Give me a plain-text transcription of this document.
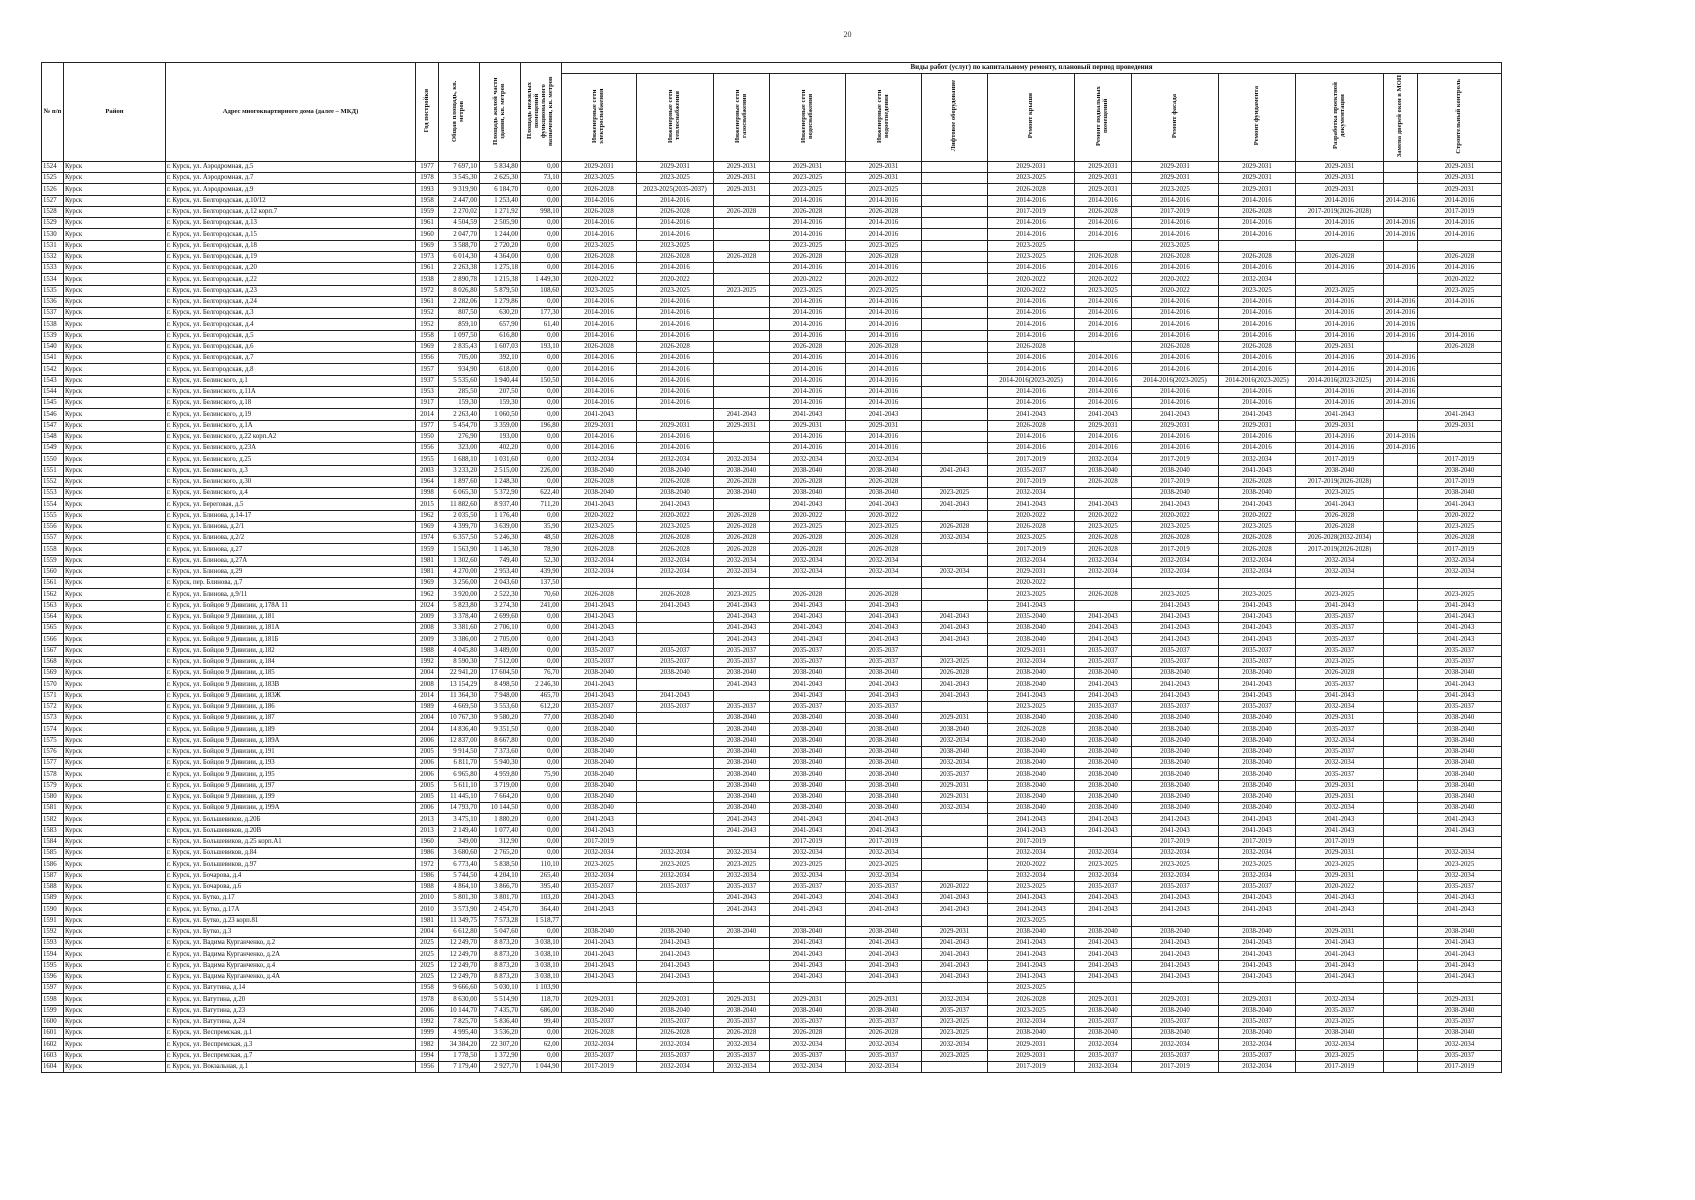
20
№ п/п	Район	Адрес многоквартирного дома (далее – МКД)	Год постройки	Общая площадь, кв. метров	Площадь жилой части здания, кв. метров	Площадь нежилых помещений функционального назначения, кв. метров	Виды работ (услуг) по капитальному ремонту, плановый период проведения												
							Инженерные сети электроснабжения	Инженерные сети теплоснабжения	Инженерные сети газоснабжения	Инженерные сети водоснабжения	Инженерные сети водоотведения	Лифтовое оборудование	Ремонт крыши	Ремонт подвальных помещений	Ремонт фасада	Ремонт фундамента	Разработка проектной документации	Замена дверей окон в МОП	Строительный контроль
1524	Курск	г. Курск, ул. Аэродромная, д.5	1977	7 697,10	5 834,80	0,00	2029-2031	2029-2031	2029-2031	2029-2031	2029-2031		2029-2031	2029-2031	2029-2031	2029-2031	2029-2031		2029-2031
1525	Курск	г. Курск, ул. Аэродромная, д.7	1978	3 545,30	2 625,30	73,10	2023-2025	2023-2025	2029-2031	2023-2025	2029-2031		2023-2025	2029-2031	2029-2031	2029-2031	2029-2031		2029-2031
1526	Курск	г. Курск, ул. Аэродромная, д.9	1993	9 319,90	6 184,70	0,00	2026-2028	2023-2025(2035-2037)	2029-2031	2023-2025	2023-2025		2026-2028	2029-2031	2023-2025	2029-2031	2029-2031		2029-2031
1527	Курск	г. Курск, ул. Белгородская, д.10/12	1958	2 447,00	1 253,40	0,00	2014-2016	2014-2016		2014-2016	2014-2016		2014-2016	2014-2016	2014-2016	2014-2016	2014-2016	2014-2016	2014-2016
1528	Курск	г. Курск, ул. Белгородская, д.12 корп.7	1959	2 270,02	1 271,92	998,10	2026-2028	2026-2028	2026-2028	2026-2028	2026-2028		2017-2019	2026-2028	2017-2019	2026-2028	2017-2019(2026-2028)		2017-2019
1529	Курск	г. Курск, ул. Белгородская, д.13	1961	4 504,59	2 505,90	0,00	2014-2016	2014-2016		2014-2016	2014-2016		2014-2016	2014-2016	2014-2016	2014-2016	2014-2016	2014-2016	2014-2016
1530	Курск	г. Курск, ул. Белгородская, д.15	1960	2 047,70	1 244,00	0,00	2014-2016	2014-2016		2014-2016	2014-2016		2014-2016	2014-2016	2014-2016	2014-2016	2014-2016	2014-2016	2014-2016
1531	Курск	г. Курск, ул. Белгородская, д.18	1969	3 588,70	2 720,20	0,00	2023-2025	2023-2025		2023-2025	2023-2025		2023-2025		2023-2025				
1532	Курск	г. Курск, ул. Белгородская, д.19	1973	6 014,30	4 364,00	0,00	2026-2028	2026-2028	2026-2028	2026-2028	2026-2028		2023-2025	2026-2028	2026-2028	2026-2028	2026-2028		2026-2028
1533	Курск	г. Курск, ул. Белгородская, д.20	1961	2 263,38	1 275,18	0,00	2014-2016	2014-2016		2014-2016	2014-2016		2014-2016	2014-2016	2014-2016	2014-2016	2014-2016	2014-2016	2014-2016
1534	Курск	г. Курск, ул. Белгородская, д.22	1938	2 890,78	1 215,38	1 449,30	2020-2022	2020-2022		2020-2022	2020-2022		2020-2022	2020-2022	2020-2022	2032-2034			2020-2022
1535	Курск	г. Курск, ул. Белгородская, д.23	1972	8 026,80	5 879,50	108,60	2023-2025	2023-2025	2023-2025	2023-2025	2023-2025		2020-2022	2023-2025	2020-2022	2023-2025	2023-2025		2023-2025
1536	Курск	г. Курск, ул. Белгородская, д.24	1961	2 282,06	1 279,86	0,00	2014-2016	2014-2016		2014-2016	2014-2016		2014-2016	2014-2016	2014-2016	2014-2016	2014-2016	2014-2016	2014-2016
1537	Курск	г. Курск, ул. Белгородская, д.3	1952	807,50	630,20	177,30	2014-2016	2014-2016		2014-2016	2014-2016		2014-2016	2014-2016	2014-2016	2014-2016	2014-2016	2014-2016	
1538	Курск	г. Курск, ул. Белгородская, д.4	1952	859,10	657,90	61,40	2014-2016	2014-2016		2014-2016	2014-2016		2014-2016	2014-2016	2014-2016	2014-2016	2014-2016	2014-2016	
1539	Курск	г. Курск, ул. Белгородская, д.5	1958	1 097,50	616,80	0,00	2014-2016	2014-2016		2014-2016	2014-2016		2014-2016	2014-2016	2014-2016	2014-2016	2014-2016	2014-2016	2014-2016
1540	Курск	г. Курск, ул. Белгородская, д.6	1969	2 835,43	1 607,03	193,10	2026-2028	2026-2028		2026-2028	2026-2028		2026-2028		2026-2028	2026-2028	2029-2031		2026-2028
1541	Курск	г. Курск, ул. Белгородская, д.7	1956	705,00	392,10	0,00	2014-2016	2014-2016		2014-2016	2014-2016		2014-2016	2014-2016	2014-2016	2014-2016	2014-2016	2014-2016	
1542	Курск	г. Курск, ул. Белгородская, д.8	1957	934,90	618,00	0,00	2014-2016	2014-2016		2014-2016	2014-2016		2014-2016	2014-2016	2014-2016	2014-2016	2014-2016	2014-2016	
1543	Курск	г. Курск, ул. Белинского, д.1	1937	5 535,60	1 940,44	150,50	2014-2016	2014-2016		2014-2016	2014-2016		2014-2016(2023-2025)	2014-2016	2014-2016(2023-2025)	2014-2016(2023-2025)	2014-2016(2023-2025)	2014-2016	
1544	Курск	г. Курск, ул. Белинского, д.11А	1953	285,50	207,50	0,00	2014-2016	2014-2016		2014-2016	2014-2016		2014-2016	2014-2016	2014-2016	2014-2016	2014-2016	2014-2016	
1545	Курск	г. Курск, ул. Белинского, д.18	1917	159,30	159,30	0,00	2014-2016	2014-2016		2014-2016	2014-2016		2014-2016	2014-2016	2014-2016	2014-2016	2014-2016	2014-2016	
1546	Курск	г. Курск, ул. Белинского, д.19	2014	2 263,40	1 060,50	0,00	2041-2043		2041-2043	2041-2043	2041-2043		2041-2043	2041-2043	2041-2043	2041-2043	2041-2043		2041-2043
1547	Курск	г. Курск, ул. Белинского, д.1А	1977	5 454,70	3 359,00	196,80	2029-2031	2029-2031	2029-2031	2029-2031	2029-2031		2026-2028	2029-2031	2029-2031	2029-2031	2029-2031		2029-2031
1548	Курск	г. Курск, ул. Белинского, д.22 корп.А2	1950	276,90	193,00	0,00	2014-2016	2014-2016		2014-2016	2014-2016		2014-2016	2014-2016	2014-2016	2014-2016	2014-2016	2014-2016	
1549	Курск	г. Курск, ул. Белинского, д.23А	1956	323,00	402,20	0,00	2014-2016	2014-2016		2014-2016	2014-2016		2014-2016	2014-2016	2014-2016	2014-2016	2014-2016	2014-2016	
1550	Курск	г. Курск, ул. Белинского, д.25	1955	1 688,10	1 031,60	0,00	2032-2034	2032-2034	2032-2034	2032-2034	2032-2034		2017-2019	2032-2034	2017-2019	2032-2034	2017-2019		2017-2019
1551	Курск	г. Курск, ул. Белинского, д.3	2003	3 233,20	2 515,00	226,00	2038-2040	2038-2040	2038-2040	2038-2040	2038-2040	2041-2043	2035-2037	2038-2040	2038-2040	2041-2043	2038-2040		2038-2040
1552	Курск	г. Курск, ул. Белинского, д.30	1964	1 897,60	1 248,30	0,00	2026-2028	2026-2028	2026-2028	2026-2028	2026-2028		2017-2019	2026-2028	2017-2019	2026-2028	2017-2019(2026-2028)		2017-2019
1553	Курск	г. Курск, ул. Белинского, д.4	1998	6 065,30	5 372,90	622,40	2038-2040	2038-2040	2038-2040	2038-2040	2038-2040	2023-2025	2032-2034		2038-2040	2038-2040	2023-2025		2038-2040
1554	Курск	г. Курск, ул. Береговая, д.5	2015	11 882,60	8 937,40	711,20	2041-2043	2041-2043		2041-2043	2041-2043	2041-2043	2041-2043	2041-2043	2041-2043	2041-2043	2041-2043		2041-2043
1555	Курск	г. Курск, ул. Блинова, д.14-17	1962	2 035,50	1 176,40	0,00	2020-2022	2020-2022	2026-2028	2020-2022	2020-2022		2020-2022	2020-2022	2020-2022	2020-2022	2026-2028		2020-2022
1556	Курск	г. Курск, ул. Блинова, д.2/1	1969	4 399,70	3 639,00	35,90	2023-2025	2023-2025	2026-2028	2023-2025	2023-2025	2026-2028	2026-2028	2023-2025	2023-2025	2023-2025	2026-2028		2023-2025
1557	Курск	г. Курск, ул. Блинова, д.2/2	1974	6 357,50	5 246,30	48,50	2026-2028	2026-2028	2026-2028	2026-2028	2026-2028	2032-2034	2023-2025	2026-2028	2026-2028	2026-2028	2026-2028(2032-2034)		2026-2028
1558	Курск	г. Курск, ул. Блинова, д.27	1959	1 563,90	1 146,30	78,90	2026-2028	2026-2028	2026-2028	2026-2028	2026-2028		2017-2019	2026-2028	2017-2019	2026-2028	2017-2019(2026-2028)		2017-2019
1559	Курск	г. Курск, ул. Блинова, д.27А	1981	1 302,60	749,40	52,30	2032-2034	2032-2034	2032-2034	2032-2034	2032-2034		2032-2034	2032-2034	2032-2034	2032-2034	2032-2034		2032-2034
1560	Курск	г. Курск, ул. Блинова, д.29	1981	4 270,00	2 953,40	439,90	2032-2034	2032-2034	2032-2034	2032-2034	2032-2034	2032-2034	2029-2031	2032-2034	2032-2034	2032-2034	2032-2034		2032-2034
1561	Курск	г. Курск, пер. Блинова, д.7	1969	3 256,00	2 043,60	137,50							2020-2022						
1562	Курск	г. Курск, ул. Блинова, д.9/11	1962	3 920,00	2 522,30	70,60	2026-2028	2026-2028	2023-2025	2026-2028	2026-2028		2023-2025	2026-2028	2023-2025	2023-2025	2023-2025		2023-2025
1563	Курск	г. Курск, ул. Бойцов 9 Дивизии, д.178А 11	2024	5 823,80	3 274,30	241,00	2041-2043	2041-2043	2041-2043	2041-2043	2041-2043		2041-2043		2041-2043	2041-2043	2041-2043		2041-2043
1564	Курск	г. Курск, ул. Бойцов 9 Дивизии, д.181	2009	3 378,40	2 699,60	0,00	2041-2043		2041-2043	2041-2043	2041-2043	2041-2043	2035-2040	2041-2043	2041-2043	2041-2043	2035-2037		2041-2043
1565	Курск	г. Курск, ул. Бойцов 9 Дивизии, д.181А	2008	3 381,60	2 706,10	0,00	2041-2043		2041-2043	2041-2043	2041-2043	2041-2043	2038-2040	2041-2043	2041-2043	2041-2043	2035-2037		2041-2043
1566	Курск	г. Курск, ул. Бойцов 9 Дивизии, д.181Б	2009	3 386,00	2 705,00	0,00	2041-2043		2041-2043	2041-2043	2041-2043	2041-2043	2038-2040	2041-2043	2041-2043	2041-2043	2035-2037		2041-2043
1567	Курск	г. Курск, ул. Бойцов 9 Дивизии, д.182	1988	4 045,80	3 489,00	0,00	2035-2037	2035-2037	2035-2037	2035-2037	2035-2037		2029-2031	2035-2037	2035-2037	2035-2037	2035-2037		2035-2037
1568	Курск	г. Курск, ул. Бойцов 9 Дивизии, д.184	1992	8 590,30	7 512,00	0,00	2035-2037	2035-2037	2035-2037	2035-2037	2035-2037	2023-2025	2032-2034	2035-2037	2035-2037	2035-2037	2023-2025		2035-2037
1569	Курск	г. Курск, ул. Бойцов 9 Дивизии, д.185	2004	22 941,20	17 604,50	76,70	2038-2040	2038-2040	2038-2040	2038-2040	2038-2040	2026-2028	2038-2040	2038-2040	2038-2040	2038-2040	2026-2028		2038-2040
1570	Курск	г. Курск, ул. Бойцов 9 Дивизии, д.183В	2008	13 154,29	8 498,50	2 246,30	2041-2043		2041-2043	2041-2043	2041-2043	2041-2043	2038-2040	2041-2043	2041-2043	2041-2043	2035-2037		2041-2043
1571	Курск	г. Курск, ул. Бойцов 9 Дивизии, д.183Ж	2014	11 364,30	7 948,00	465,70	2041-2043	2041-2043		2041-2043	2041-2043	2041-2043	2041-2043	2041-2043	2041-2043	2041-2043	2041-2043		2041-2043
1572	Курск	г. Курск, ул. Бойцов 9 Дивизии, д.186	1989	4 669,50	3 553,60	612,20	2035-2037	2035-2037	2035-2037	2035-2037	2035-2037		2023-2025	2035-2037	2035-2037	2035-2037	2032-2034		2035-2037
1573	Курск	г. Курск, ул. Бойцов 9 Дивизии, д.187	2004	10 767,30	9 580,20	77,00	2038-2040		2038-2040	2038-2040	2038-2040	2029-2031	2038-2040	2038-2040	2038-2040	2038-2040	2029-2031		2038-2040
1574	Курск	г. Курск, ул. Бойцов 9 Дивизии, д.189	2004	14 836,40	9 351,50	0,00	2038-2040		2038-2040	2038-2040	2038-2040	2038-2040	2026-2028	2038-2040	2038-2040	2038-2040	2035-2037		2038-2040
1575	Курск	г. Курск, ул. Бойцов 9 Дивизии, д.189А	2006	12 837,00	8 667,80	0,00	2038-2040		2038-2040	2038-2040	2038-2040	2032-2034	2038-2040	2038-2040	2038-2040	2038-2040	2032-2034		2038-2040
1576	Курск	г. Курск, ул. Бойцов 9 Дивизии, д.191	2005	9 914,50	7 373,60	0,00	2038-2040		2038-2040	2038-2040	2038-2040	2038-2040	2038-2040	2038-2040	2038-2040	2038-2040	2035-2037		2038-2040
1577	Курск	г. Курск, ул. Бойцов 9 Дивизии, д.193	2006	6 811,70	5 940,30	0,00	2038-2040		2038-2040	2038-2040	2038-2040	2032-2034	2038-2040	2038-2040	2038-2040	2038-2040	2032-2034		2038-2040
1578	Курск	г. Курск, ул. Бойцов 9 Дивизии, д.195	2006	6 965,80	4 959,80	75,90	2038-2040		2038-2040	2038-2040	2038-2040	2035-2037	2038-2040	2038-2040	2038-2040	2038-2040	2035-2037		2038-2040
1579	Курск	г. Курск, ул. Бойцов 9 Дивизии, д.197	2005	5 611,10	3 719,00	0,00	2038-2040		2038-2040	2038-2040	2038-2040	2029-2031	2038-2040	2038-2040	2038-2040	2038-2040	2029-2031		2038-2040
1580	Курск	г. Курск, ул. Бойцов 9 Дивизии, д.199	2005	11 445,10	7 664,20	0,00	2038-2040		2038-2040	2038-2040	2038-2040	2029-2031	2038-2040	2038-2040	2038-2040	2038-2040	2029-2031		2038-2040
1581	Курск	г. Курск, ул. Бойцов 9 Дивизии, д.199А	2006	14 793,70	10 144,50	0,00	2038-2040		2038-2040	2038-2040	2038-2040	2032-2034	2038-2040	2038-2040	2038-2040	2038-2040	2032-2034		2038-2040
1582	Курск	г. Курск, ул. Большевиков, д.20Б	2013	3 475,10	1 880,20	0,00	2041-2043		2041-2043	2041-2043	2041-2043		2041-2043	2041-2043	2041-2043	2041-2043	2041-2043		2041-2043
1583	Курск	г. Курск, ул. Большевиков, д.20В	2013	2 149,40	1 077,40	0,00	2041-2043		2041-2043	2041-2043	2041-2043		2041-2043	2041-2043	2041-2043	2041-2043	2041-2043		2041-2043
1584	Курск	г. Курск, ул. Большевиков, д.25 корп.А1	1960	349,00	312,90	0,00	2017-2019			2017-2019	2017-2019		2017-2019		2017-2019	2017-2019	2017-2019		
1585	Курск	г. Курск, ул. Большевиков, д.84	1986	3 680,60	2 765,20	0,00	2032-2034	2032-2034	2032-2034	2032-2034	2032-2034		2032-2034	2032-2034	2032-2034	2032-2034	2029-2031		2032-2034
1586	Курск	г. Курск, ул. Большевиков, д.97	1972	6 773,40	5 838,50	110,10	2023-2025	2023-2025	2023-2025	2023-2025	2023-2025		2020-2022	2023-2025	2023-2025	2023-2025	2023-2025		2023-2025
1587	Курск	г. Курск, ул. Бочарова, д.4	1986	5 744,50	4 204,10	265,40	2032-2034	2032-2034	2032-2034	2032-2034	2032-2034		2032-2034	2032-2034	2032-2034	2032-2034	2029-2031		2032-2034
1588	Курск	г. Курск, ул. Бочарова, д.6	1988	4 864,10	3 866,70	395,40	2035-2037	2035-2037	2035-2037	2035-2037	2035-2037	2020-2022	2023-2025	2035-2037	2035-2037	2035-2037	2020-2022		2035-2037
1589	Курск	г. Курск, ул. Бутко, д.17	2010	5 801,30	3 801,70	103,20	2041-2043		2041-2043	2041-2043	2041-2043	2041-2043	2041-2043	2041-2043	2041-2043	2041-2043	2041-2043		2041-2043
1590	Курск	г. Курск, ул. Бутко, д.17А	2010	3 573,90	2 454,70	364,40	2041-2043		2041-2043	2041-2043	2041-2043	2041-2043	2041-2043	2041-2043	2041-2043	2041-2043	2041-2043		2041-2043
1591	Курск	г. Курск, ул. Бутко, д.23 корп.81	1981	11 349,75	7 573,28	1 518,77							2023-2025						
1592	Курск	г. Курск, ул. Бутко, д.3	2004	6 612,80	5 047,60	0,00	2038-2040	2038-2040	2038-2040	2038-2040	2038-2040	2029-2031	2038-2040	2038-2040	2038-2040	2038-2040	2029-2031		2038-2040
1593	Курск	г. Курск, ул. Вадима Курганченко, д.2	2025	12 249,70	8 873,20	3 038,10	2041-2043	2041-2043		2041-2043	2041-2043	2041-2043	2041-2043	2041-2043	2041-2043	2041-2043	2041-2043		2041-2043
1594	Курск	г. Курск, ул. Вадима Курганченко, д.2А	2025	12 249,70	8 873,20	3 038,10	2041-2043	2041-2043		2041-2043	2041-2043	2041-2043	2041-2043	2041-2043	2041-2043	2041-2043	2041-2043		2041-2043
1595	Курск	г. Курск, ул. Вадима Курганченко, д.4	2025	12 249,70	8 873,20	3 038,10	2041-2043	2041-2043		2041-2043	2041-2043	2041-2043	2041-2043	2041-2043	2041-2043	2041-2043	2041-2043		2041-2043
1596	Курск	г. Курск, ул. Вадима Курганченко, д.4А	2025	12 249,70	8 873,20	3 038,10	2041-2043	2041-2043		2041-2043	2041-2043	2041-2043	2041-2043	2041-2043	2041-2043	2041-2043	2041-2043		2041-2043
1597	Курск	г. Курск, ул. Ватутина, д.14	1958	9 666,60	5 030,10	1 103,90							2023-2025						
1598	Курск	г. Курск, ул. Ватутина, д.20	1978	8 630,00	5 514,90	118,70	2029-2031	2029-2031	2029-2031	2029-2031	2029-2031	2032-2034	2026-2028	2029-2031	2029-2031	2029-2031	2032-2034		2029-2031
1599	Курск	г. Курск, ул. Ватутина, д.23	2006	10 144,70	7 435,70	686,00	2038-2040	2038-2040	2038-2040	2038-2040	2038-2040	2035-2037	2023-2025	2038-2040	2038-2040	2038-2040	2035-2037		2038-2040
1600	Курск	г. Курск, ул. Ватутина, д.24	1992	7 825,70	5 836,40	99,40	2035-2037	2035-2037	2035-2037	2035-2037	2035-2037	2023-2025	2032-2034	2035-2037	2035-2037	2035-2037	2023-2025		2035-2037
1601	Курск	г. Курск, ул. Веспремская, д.1	1999	4 995,40	3 536,20	0,00	2026-2028	2026-2028	2026-2028	2026-2028	2026-2028	2023-2025	2038-2040	2038-2040	2038-2040	2038-2040	2038-2040		2038-2040
1602	Курск	г. Курск, ул. Веспремская, д.3	1982	34 384,20	22 307,20	62,00	2032-2034	2032-2034	2032-2034	2032-2034	2032-2034	2032-2034	2029-2031	2032-2034	2032-2034	2032-2034	2032-2034		2032-2034
1603	Курск	г. Курск, ул. Веспремская, д.7	1994	1 778,50	1 372,90	0,00	2035-2037	2035-2037	2035-2037	2035-2037	2035-2037	2023-2025	2029-2031	2035-2037	2035-2037	2035-2037	2023-2025		2035-2037
1604	Курск	г. Курск, ул. Вокзальная, д.1	1956	7 179,40	2 927,70	1 044,90	2017-2019	2032-2034	2032-2034	2032-2034	2032-2034		2017-2019	2032-2034	2017-2019	2032-2034	2017-2019		2017-2019
